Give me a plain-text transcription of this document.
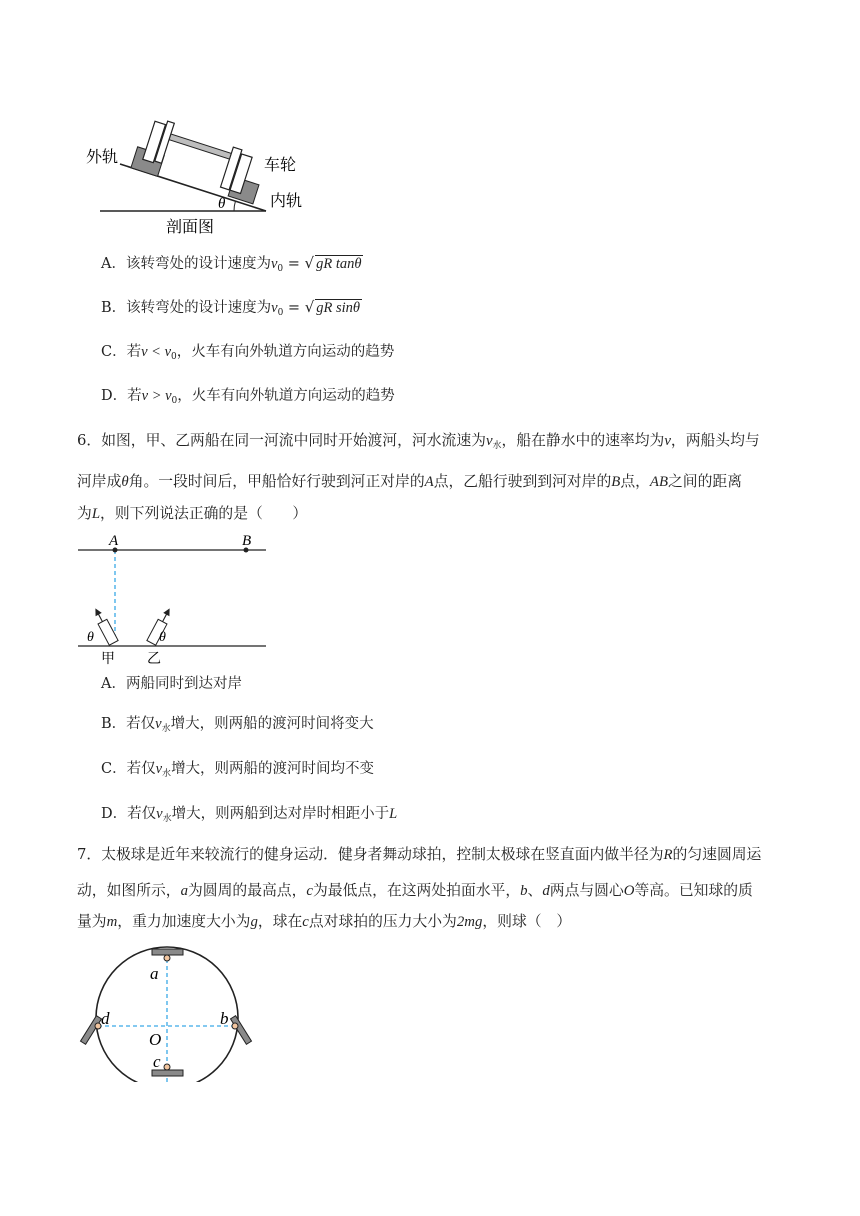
外轨	车轮
内轨
剖面图
θ
A．该转弯处的设计速度为$v_0$ = √ gR tanθ
B．该转弯处的设计速度为$v_0$ = √ gR sinθ
C．若$v < v_0$，火车有向外轨道方向运动的趋势
D．若$v > v_0$，火车有向外轨道方向运动的趋势
6．如图，甲、乙两船在同一河流中同时开始渡河，河水流速为$v_水$，船在静水中的速率均为v，两船头均与
河岸成θ角。一段时间后，甲船恰好行驶到河正对岸的A点，乙船行驶到到河对岸的B点，AB之间的距离
为L，则下列说法正确的是（　　）
A	B
θ	θ
甲 乙
A．两船同时到达对岸
B．若仅$v_水$增大，则两船的渡河时间将变大
C．若仅$v_水$增大，则两船的渡河时间均不变
D．若仅$v_水$增大，则两船到达对岸时相距小于L
7．太极球是近年来较流行的健身运动．健身者舞动球拍，控制太极球在竖直面内做半径为R的匀速圆周运
动，如图所示，a为圆周的最高点，c为最低点，在这两处拍面水平，b、d两点与圆心O等高。已知球的质
量为m，重力加速度大小为g，球在c点对球拍的压力大小为2mg，则球（　）
a
d	b
O
c
